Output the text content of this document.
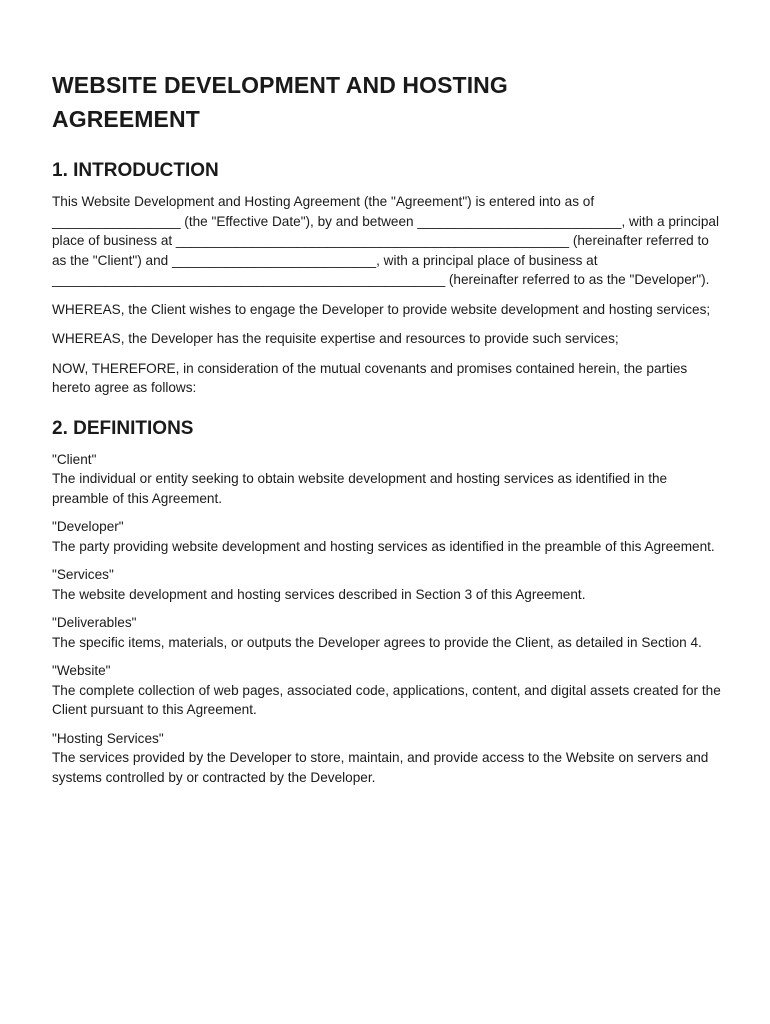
WEBSITE DEVELOPMENT AND HOSTING
AGREEMENT
1. INTRODUCTION

This Website Development and Hosting Agreement (the "Agreement") is entered into as of _________________ (the "Effective Date"), by and between ___________________________, with a principal place of business at ____________________________________________________ (hereinafter referred to as the "Client") and ___________________________, with a principal place of business at ____________________________________________________ (hereinafter referred to as the "Developer").

WHEREAS, the Client wishes to engage the Developer to provide website development and hosting services;

WHEREAS, the Developer has the requisite expertise and resources to provide such services;

NOW, THEREFORE, in consideration of the mutual covenants and promises contained herein, the parties hereto agree as follows:

2. DEFINITIONS
"Client"
The individual or entity seeking to obtain website development and hosting services as identified in the preamble of this Agreement.
"Developer"
The party providing website development and hosting services as identified in the preamble of this Agreement.
"Services"
The website development and hosting services described in Section 3 of this Agreement.
"Deliverables"
The specific items, materials, or outputs the Developer agrees to provide the Client, as detailed in Section 4.
"Website"
The complete collection of web pages, associated code, applications, content, and digital assets created for the Client pursuant to this Agreement.
"Hosting Services"
The services provided by the Developer to store, maintain, and provide access to the Website on servers and systems controlled by or contracted by the Developer.
